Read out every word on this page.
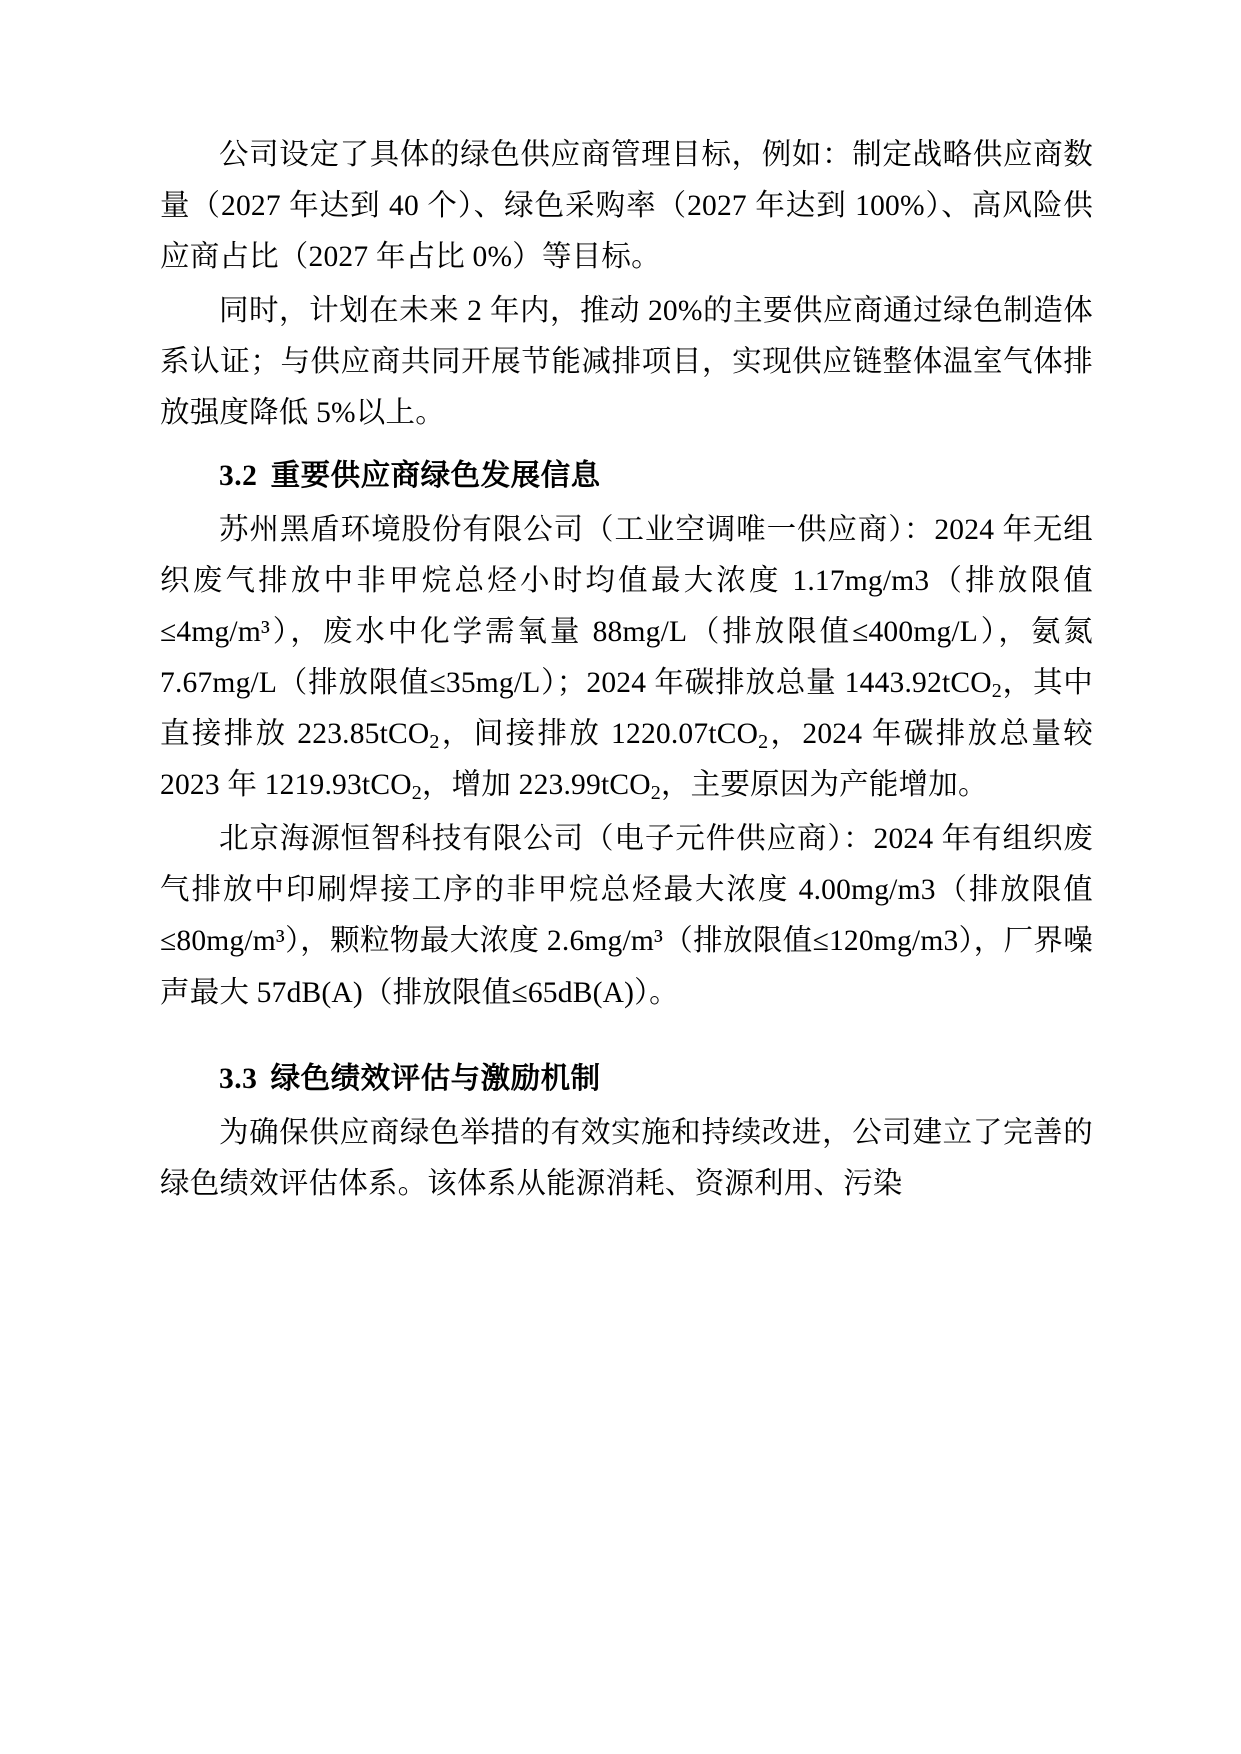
公司设定了具体的绿色供应商管理目标，例如：制定战略供应商数量（2027 年达到 40 个）、绿色采购率（2027 年达到 100%）、高风险供应商占比（2027 年占比 0%）等目标。

同时，计划在未来 2 年内，推动 20%的主要供应商通过绿色制造体系认证；与供应商共同开展节能减排项目，实现供应链整体温室气体排放强度降低 5%以上。

3.2 重要供应商绿色发展信息

苏州黑盾环境股份有限公司（工业空调唯一供应商）：2024 年无组织废气排放中非甲烷总烃小时均值最大浓度 1.17mg/m3（排放限值≤4mg/m³），废水中化学需氧量 88mg/L（排放限值≤400mg/L），氨氮 7.67mg/L（排放限值≤35mg/L）；2024 年碳排放总量 1443.92tCO$_2$，其中直接排放 223.85tCO$_2$，间接排放 1220.07tCO$_2$，2024 年碳排放总量较 2023 年 1219.93tCO$_2$，增加 223.99tCO$_2$，主要原因为产能增加。

北京海源恒智科技有限公司（电子元件供应商）：2024 年有组织废气排放中印刷焊接工序的非甲烷总烃最大浓度 4.00mg/m3（排放限值≤80mg/m³），颗粒物最大浓度 2.6mg/m³（排放限值≤120mg/m3），厂界噪声最大 57dB(A)（排放限值≤65dB(A)）。

3.3 绿色绩效评估与激励机制

为确保供应商绿色举措的有效实施和持续改进，公司建立了完善的绿色绩效评估体系。该体系从能源消耗、资源利用、污染
